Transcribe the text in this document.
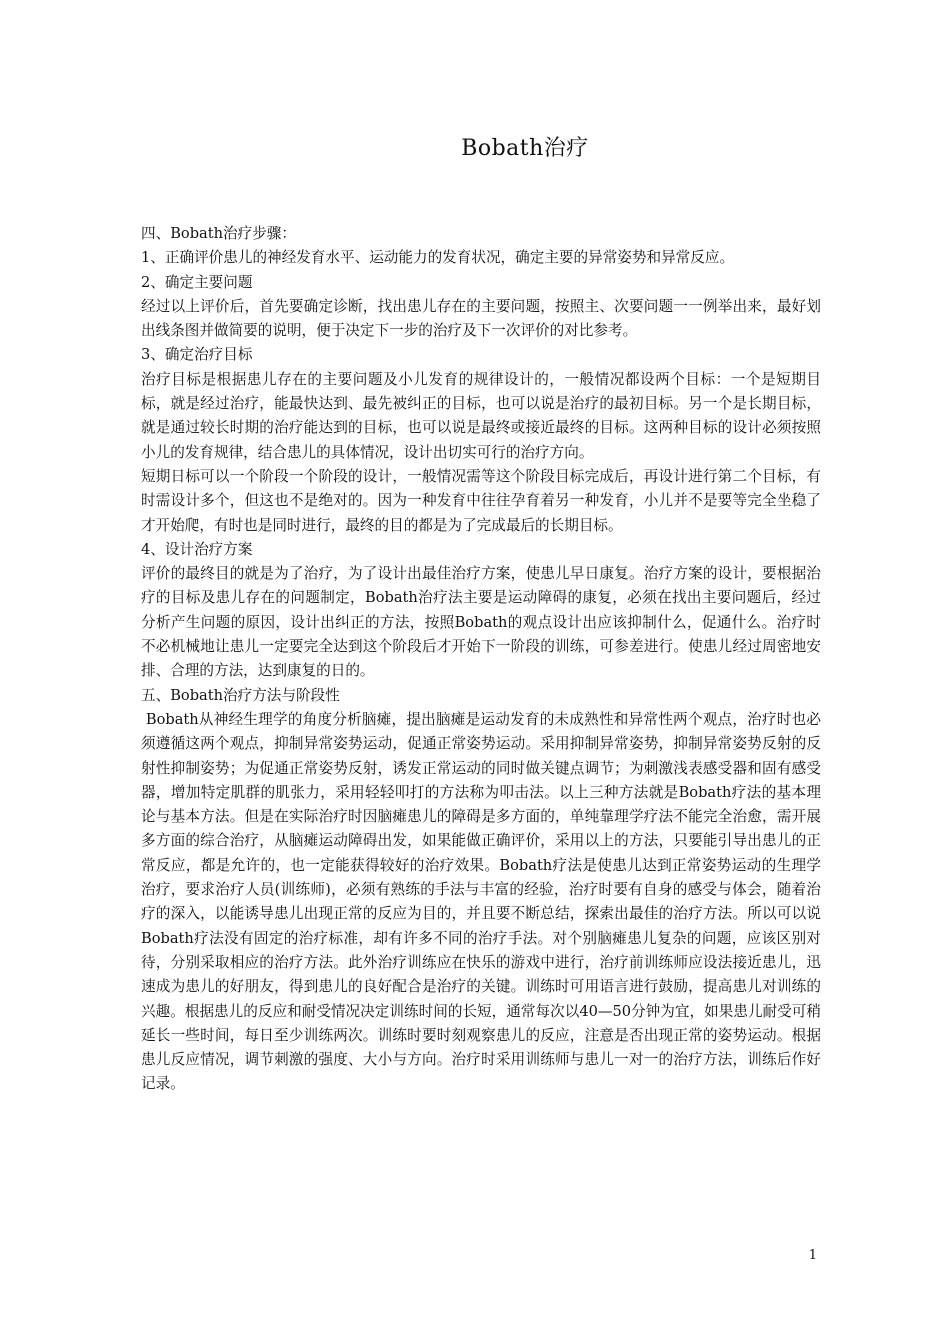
Bobath治疗

四、Bobath治疗步骤：

1、正确评价患儿的神经发育水平、运动能力的发育状况，确定主要的异常姿势和异常反应。

2、确定主要问题

经过以上评价后，首先要确定诊断，找出患儿存在的主要问题，按照主、次要问题一一例举出来，最好划出线条图并做简要的说明，便于决定下一步的治疗及下一次评价的对比参考。

3、确定治疗目标

治疗目标是根据患儿存在的主要问题及小儿发育的规律设计的，一般情况都设两个目标：一个是短期目标，就是经过治疗，能最快达到、最先被纠正的目标，也可以说是治疗的最初目标。另一个是长期目标，就是通过较长时期的治疗能达到的目标，也可以说是最终或接近最终的目标。这两种目标的设计必须按照小儿的发育规律，结合患儿的具体情况，设计出切实可行的治疗方向。

短期日标可以一个阶段一个阶段的设计，一般情况需等这个阶段目标完成后，再设计进行第二个目标，有时需设计多个，但这也不是绝对的。因为一种发育中往往孕育着另一种发育，小儿并不是要等完全坐稳了才开始爬，有时也是同时进行，最终的目的都是为了完成最后的长期目标。

4、设计治疗方案

评价的最终目的就是为了治疗，为了设计出最佳治疗方案，使患儿早日康复。治疗方案的设计，要根据治疗的目标及患儿存在的问题制定，Bobath治疗法主要是运动障碍的康复，必须在找出主要问题后，经过分析产生问题的原因，设计出纠正的方法，按照Bobath的观点设计出应该抑制什么，促通什么。治疗时不必机械地让患儿一定要完全达到这个阶段后才开始下一阶段的训练，可参差进行。使患儿经过周密地安排、合理的方法，达到康复的日的。

五、Bobath治疗方法与阶段性

Bobath从神经生理学的角度分析脑瘫，提出脑瘫是运动发育的未成熟性和异常性两个观点，治疗时也必须遵循这两个观点，抑制异常姿势运动，促通正常姿势运动。采用抑制异常姿势，抑制异常姿势反射的反射性抑制姿势；为促通正常姿势反射，诱发正常运动的同时做关键点调节；为刺激浅表感受器和固有感受器，增加特定肌群的肌张力，采用轻轻叩打的方法称为叩击法。以上三种方法就是Bobath疗法的基本理论与基本方法。但是在实际治疗时因脑瘫患儿的障碍是多方面的，单纯靠理学疗法不能完全治愈，需开展多方面的综合治疗，从脑瘫运动障碍出发，如果能做正确评价，采用以上的方法，只要能引导出患儿的正常反应，都是允许的，也一定能获得较好的治疗效果。Bobath疗法是使患儿达到正常姿势运动的生理学治疗，要求治疗人员(训练师)，必须有熟练的手法与丰富的经验，治疗时要有自身的感受与体会，随着治疗的深入，以能诱导患儿出现正常的反应为目的，并且要不断总结，探索出最佳的治疗方法。所以可以说Bobath疗法没有固定的治疗标准，却有许多不同的治疗手法。对个别脑瘫患儿复杂的问题，应该区别对待，分别采取相应的治疗方法。此外治疗训练应在快乐的游戏中进行，治疗前训练师应设法接近患儿，迅速成为患儿的好朋友，得到患儿的良好配合是治疗的关键。训练时可用语言进行鼓励，提高患儿对训练的兴趣。根据患儿的反应和耐受情况决定训练时间的长短，通常每次以40—50分钟为宜，如果患儿耐受可稍延长一些时间，每日至少训练两次。训练时要时刻观察患儿的反应，注意是否出现正常的姿势运动。根据患儿反应情况，调节刺激的强度、大小与方向。治疗时采用训练师与患儿一对一的治疗方法，训练后作好记录。

1
